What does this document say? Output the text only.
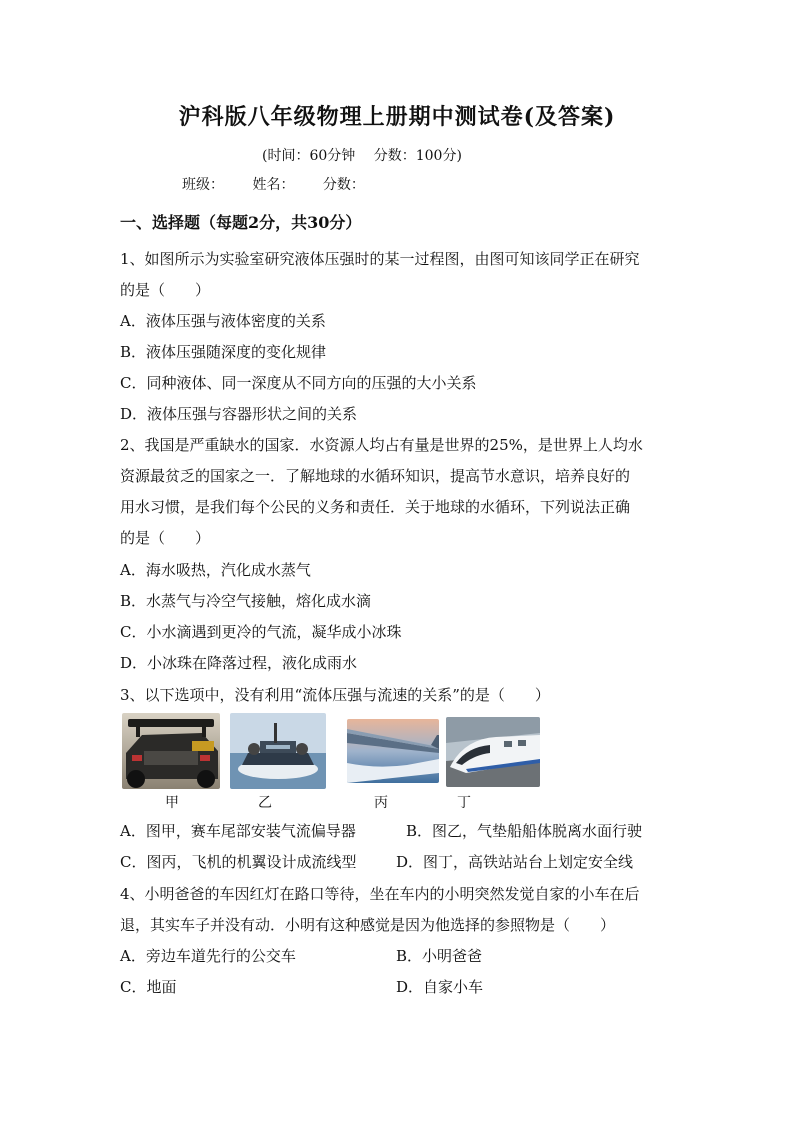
沪科版八年级物理上册期中测试卷(及答案)
(时间：60分钟 分数：100分)
班级： 姓名： 分数：
一、选择题（每题2分，共30分）
1、如图所示为实验室研究液体压强时的某一过程图，由图可知该同学正在研究
的是（　　）
A．液体压强与液体密度的关系
B．液体压强随深度的变化规律
C．同种液体、同一深度从不同方向的压强的大小关系
D．液体压强与容器形状之间的关系
2、我国是严重缺水的国家．水资源人均占有量是世界的25%，是世界上人均水
资源最贫乏的国家之一．了解地球的水循环知识，提高节水意识，培养良好的
用水习惯，是我们每个公民的义务和责任．关于地球的水循环，下列说法正确
的是（　　）
A．海水吸热，汽化成水蒸气
B．水蒸气与冷空气接触，熔化成水滴
C．小水滴遇到更冷的气流，凝华成小冰珠
D．小冰珠在降落过程，液化成雨水
3、以下选项中，没有利用“流体压强与流速的关系”的是（　　）
甲	乙	丙	丁
A．图甲，赛车尾部安装气流偏导器	B．图乙，气垫船船体脱离水面行驶
C．图丙，飞机的机翼设计成流线型	D．图丁，高铁站站台上划定安全线
4、小明爸爸的车因红灯在路口等待，坐在车内的小明突然发觉自家的小车在后
退，其实车子并没有动．小明有这种感觉是因为他选择的参照物是（　　）
A．旁边车道先行的公交车	B．小明爸爸
C．地面	D．自家小车
